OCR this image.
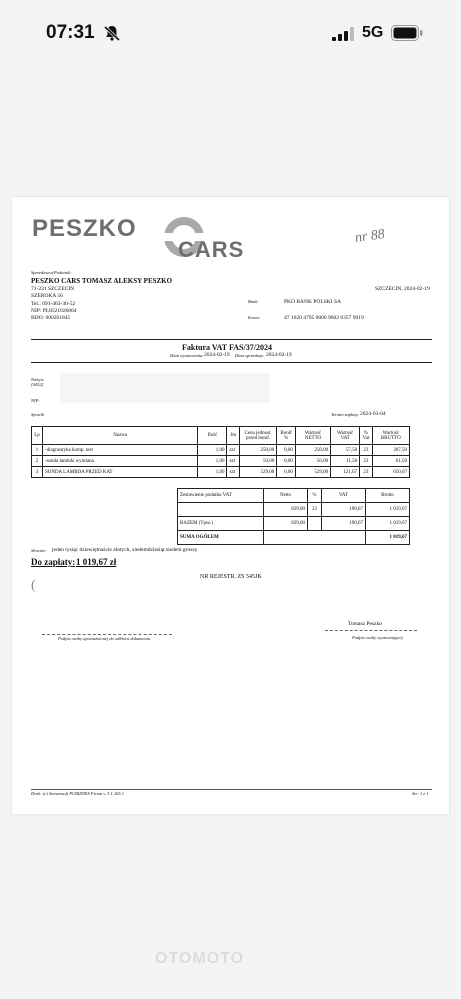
07:31	5G
PESZKO
CARS
nr 88
Sprzedawca/Podatnik:
PESZKO CARS TOMASZ ALEKSY PESZKO
71-231 SZCZECIN
Tel.: 091-463-30-52
SZEROKA 56
NIP: PL8521026064
BDO: 000261845
SZCZECIN, 2024-02-19
Bank:	PKO BANK POLSKI SA
Konto:	47 1020 4795 0000 9602 0357 9919
Faktura VAT FAS/37/2024
Data wystawienia: 2024-02-19 Data sprzedaży: 2024-02-19
Nabyw.
[0452]
NIP:
Sposób	Termin zapłaty: 2024-03-04
Lp	Nazwa	Ilość	Jm	Cena jednost. przed bonif.	Bonif %	Wartość NETTO	Wartość VAT	% Vat	Wartość BRUTTO
1	-diagnostyka komp. test	1,00	szt	250,00	0,00	250,00	57,50	23	307,50
2	-sonda lambda wymiana	1,00	szt	50,00	0,00	50,00	11,50	23	61,50
3	SONDA LAMBDA PRZED KAT	1,00	szt	529,00	0,00	529,00	121,67	23	650,67
Zestawienie podatku VAT	Netto	%	VAT	Brutto
	829,00	23	190,67	1 019,67
RAZEM (Tpsz.)	829,00		190,67	1 019,67
SUMA OGÓŁEM				1 019,67
Słownie: jeden tysiąc dziewiętnaście złotych, siedemdziesiąt siedem groszy
Do zapłaty: 1 019,67 zł
NR REJESTR. ZS 545JK
(
Tomasz Peszko
Podpis osoby upoważnionej do odbioru dokumentu	Podpis osoby wystawiającej
Druk: (c) Streamsoft PCBIZNES Firma v. 3.1.165.1	Str: 1 z 1
OTOMOTO
